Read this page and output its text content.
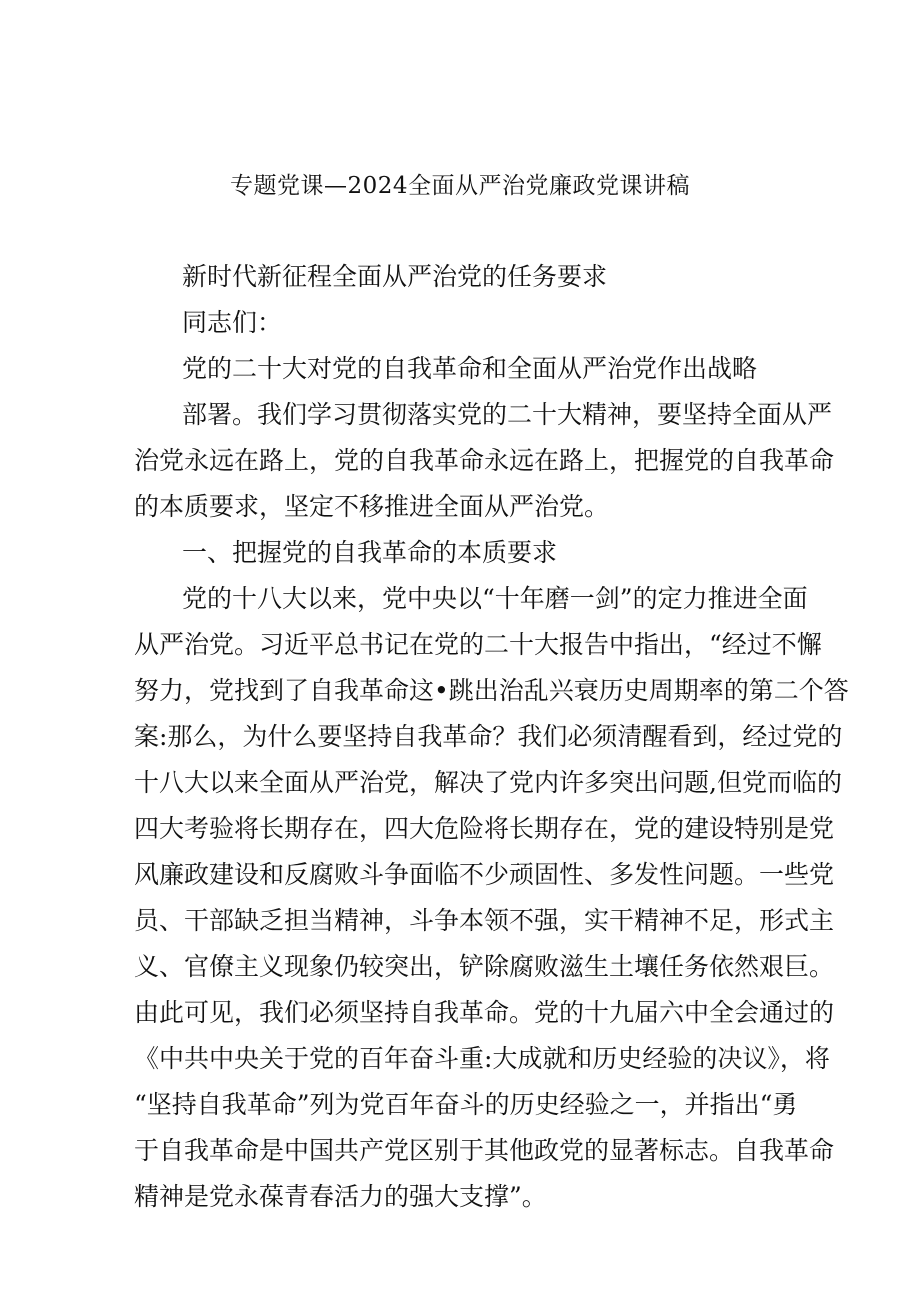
专题党课—2024全面从严治党廉政党课讲稿
新时代新征程全面从严治党的任务要求
同志们：
党的二十大对党的自我革命和全面从严治党作出战略
部署。我们学习贯彻落实党的二十大精神，要坚持全面从严
治党永远在路上，党的自我革命永远在路上，把握党的自我革命
的本质要求，坚定不移推进全面从严治党。
一、把握党的自我革命的本质要求
党的十八大以来，党中央以“十年磨一剑”的定力推进全面
从严治党。习近平总书记在党的二十大报告中指出，“经过不懈
努力，党找到了自我革命这•跳出治乱兴衰历史周期率的第二个答
案:那么，为什么要坚持自我革命？我们必须清醒看到，经过党的
十八大以来全面从严治党，解决了党内许多突出问题,但党而临的
四大考验将长期存在，四大危险将长期存在，党的建设特别是党
风廉政建设和反腐败斗争面临不少顽固性、多发性问题。一些党
员、干部缺乏担当精神，斗争本领不强，实干精神不足，形式主
义、官僚主义现象仍较突出，铲除腐败滋生土壤任务依然艰巨。
由此可见，我们必须坚持自我革命。党的十九届六中全会通过的
《中共中央关于党的百年奋斗重:大成就和历史经验的决议》，将
“坚持自我革命”列为党百年奋斗的历史经验之一，并指出“勇
于自我革命是中国共产党区别于其他政党的显著标志。自我革命
精神是党永葆青春活力的强大支撑”。
